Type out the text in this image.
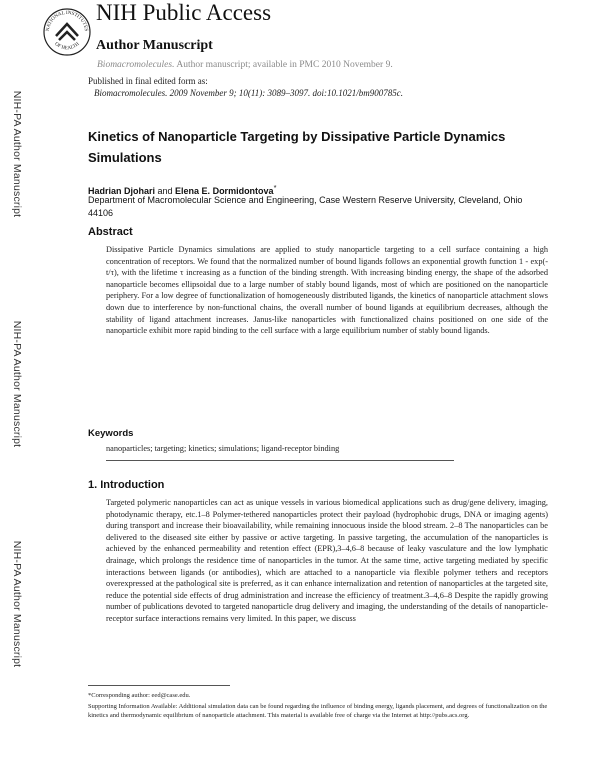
NATIONAL INSTITUTES
OF HEALTH
NIH Public Access
Author Manuscript
Biomacromolecules. Author manuscript; available in PMC 2010 November 9.
Published in final edited form as:
Biomacromolecules. 2009 November 9; 10(11): 3089–3097. doi:10.1021/bm900785c.
NIH-PA Author Manuscript
NIH-PA Author Manuscript
NIH-PA Author Manuscript
Kinetics of Nanoparticle Targeting by Dissipative Particle Dynamics Simulations
Hadrian Djohari and Elena E. Dormidontova*
Department of Macromolecular Science and Engineering, Case Western Reserve University, Cleveland, Ohio 44106
Abstract

Dissipative Particle Dynamics simulations are applied to study nanoparticle targeting to a cell surface containing a high concentration of receptors. We found that the normalized number of bound ligands follows an exponential growth function 1 - exp(-t/τ), with the lifetime τ increasing as a function of the binding strength. With increasing binding energy, the shape of the adsorbed nanoparticle becomes ellipsoidal due to a large number of stably bound ligands, most of which are positioned on the nanoparticle periphery. For a low degree of functionalization of homogeneously distributed ligands, the kinetics of nanoparticle attachment slows down due to interference by non-functional chains, the overall number of bound ligands at equilibrium decreases, although the stability of ligand attachment increases. Janus-like nanoparticles with functionalized chains positioned on one side of the nanoparticle exhibit more rapid binding to the cell surface with a large equilibrium number of stably bound ligands.

Keywords
nanoparticles; targeting; kinetics; simulations; ligand-receptor binding
1. Introduction

Targeted polymeric nanoparticles can act as unique vessels in various biomedical applications such as drug/gene delivery, imaging, photodynamic therapy, etc.1‒8 Polymer-tethered nanoparticles protect their payload (hydrophobic drugs, DNA or imaging agents) during transport and increase their bioavailability, while remaining innocuous inside the blood stream. 2‒8 The nanoparticles can be delivered to the diseased site either by passive or active targeting. In passive targeting, the accumulation of the nanoparticles is achieved by the enhanced permeability and retention effect (EPR),3‒4,6‒8 because of leaky vasculature and the low lymphatic drainage, which prolongs the residence time of nanoparticles in the tumor. At the same time, active targeting mediated by specific interactions between ligands (or antibodies), which are attached to a nanoparticle via flexible polymer tethers and receptors overexpressed at the pathological site is preferred, as it can enhance internalization and retention of nanoparticles at the targeted site, reduce the potential side effects of drug administration and increase the efficiency of treatment.3‒4,6‒8 Despite the rapidly growing number of publications devoted to targeted nanoparticle drug delivery and imaging, the understanding of the details of nanoparticle-receptor surface interactions remains very limited. In this paper, we discuss

*Corresponding author: eed@case.edu.
Supporting Information Available: Additional simulation data can be found regarding the influence of binding energy, ligands placement, and degrees of functionalization on the kinetics and thermodynamic equilibrium of nanoparticle attachment. This material is available free of charge via the Internet at http://pubs.acs.org.
